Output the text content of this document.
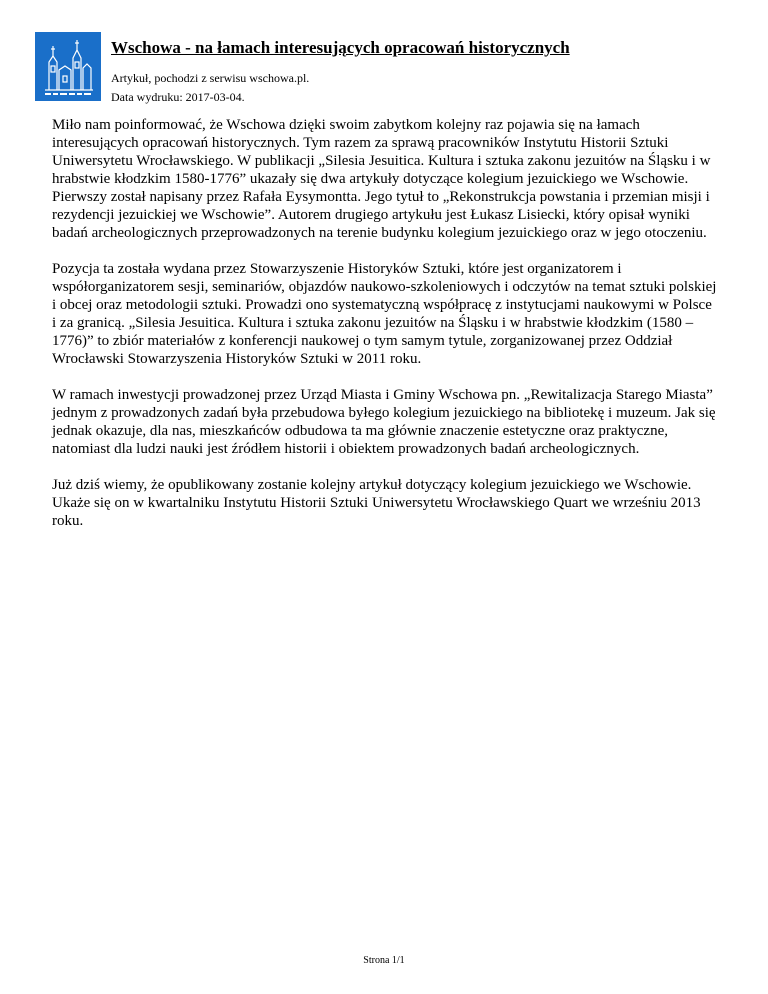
Wschowa - na łamach interesujących opracowań historycznych
Artykuł, pochodzi z serwisu wschowa.pl.
Data wydruku: 2017-03-04.

Miło nam poinformować, że Wschowa dzięki swoim zabytkom kolejny raz pojawia się na łamach interesujących opracowań historycznych. Tym razem za sprawą pracowników Instytutu Historii Sztuki Uniwersytetu Wrocławskiego. W publikacji „Silesia Jesuitica. Kultura i sztuka zakonu jezuitów na Śląsku i w hrabstwie kłodzkim 1580-1776” ukazały się dwa artykuły dotyczące kolegium jezuickiego we Wschowie. Pierwszy został napisany przez Rafała Eysymontta. Jego tytuł to „Rekonstrukcja powstania i przemian misji i rezydencji jezuickiej we Wschowie”. Autorem drugiego artykułu jest Łukasz Lisiecki, który opisał wyniki badań archeologicznych przeprowadzonych na terenie budynku kolegium jezuickiego oraz w jego otoczeniu.

Pozycja ta została wydana przez Stowarzyszenie Historyków Sztuki, które jest organizatorem i współorganizatorem sesji, seminariów, objazdów naukowo-szkoleniowych i odczytów na temat sztuki polskiej i obcej oraz metodologii sztuki. Prowadzi ono systematyczną współpracę z instytucjami naukowymi w Polsce i za granicą. „Silesia Jesuitica. Kultura i sztuka zakonu jezuitów na Śląsku i w hrabstwie kłodzkim (1580 – 1776)” to zbiór materiałów z konferencji naukowej o tym samym tytule, zorganizowanej przez Oddział Wrocławski Stowarzyszenia Historyków Sztuki w 2011 roku.

W ramach inwestycji prowadzonej przez Urząd Miasta i Gminy Wschowa pn. „Rewitalizacja Starego Miasta” jednym z prowadzonych zadań była przebudowa byłego kolegium jezuickiego na bibliotekę i muzeum. Jak się jednak okazuje, dla nas, mieszkańców odbudowa ta ma głównie znaczenie estetyczne oraz praktyczne, natomiast dla ludzi nauki jest źródłem historii i obiektem prowadzonych badań archeologicznych.

Już dziś wiemy, że opublikowany zostanie kolejny artykuł dotyczący kolegium jezuickiego we Wschowie. Ukaże się on w kwartalniku Instytutu Historii Sztuki Uniwersytetu Wrocławskiego Quart we wrześniu 2013 roku.

Strona 1/1
